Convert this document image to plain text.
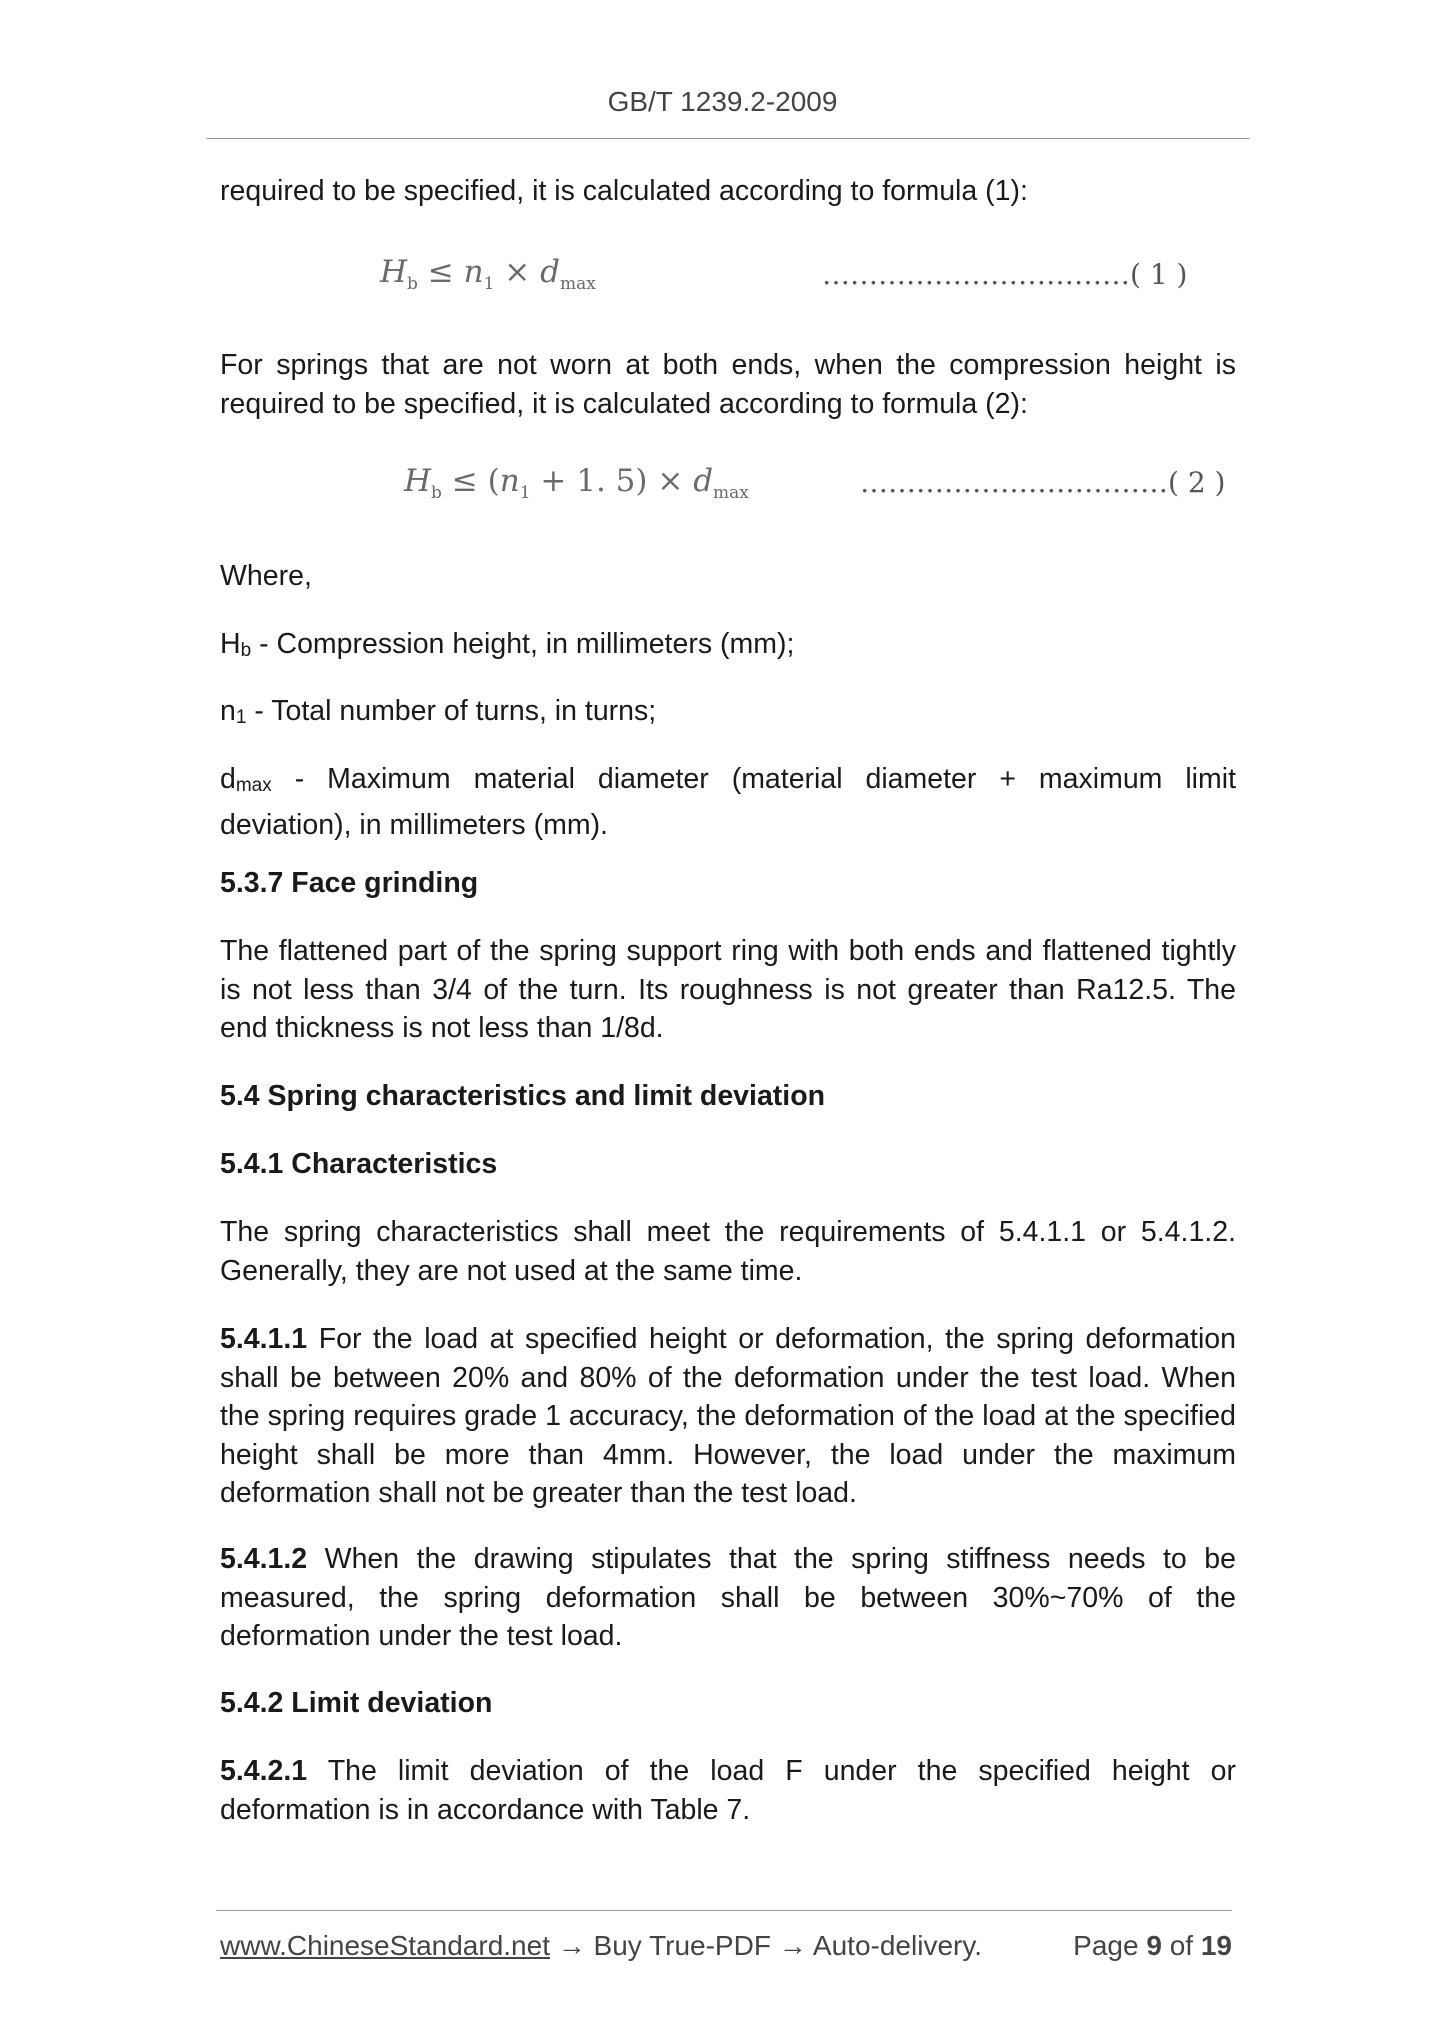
GB/T 1239.2-2009

required to be specified, it is calculated according to formula (1):

$H_b \le n_1 \times d_{max}$	……………………………( 1 )

For springs that are not worn at both ends, when the compression height is required to be specified, it is calculated according to formula (2):

$H_b \le (n_1 + 1$. $5) \times d_{max}$	……………………………( 2 )

Where,

$H_b$ - Compression height, in millimeters (mm);

$n_1$ - Total number of turns, in turns;

$d_{max}$ - Maximum material diameter (material diameter + maximum limit deviation), in millimeters (mm).

5.3.7 Face grinding

The flattened part of the spring support ring with both ends and flattened tightly is not less than 3/4 of the turn. Its roughness is not greater than Ra12.5. The end thickness is not less than 1/8d.

5.4 Spring characteristics and limit deviation

5.4.1 Characteristics

The spring characteristics shall meet the requirements of 5.4.1.1 or 5.4.1.2. Generally, they are not used at the same time.

5.4.1.1 For the load at specified height or deformation, the spring deformation shall be between 20% and 80% of the deformation under the test load. When the spring requires grade 1 accuracy, the deformation of the load at the specified height shall be more than 4mm. However, the load under the maximum deformation shall not be greater than the test load.

5.4.1.2 When the drawing stipulates that the spring stiffness needs to be measured, the spring deformation shall be between 30%~70% of the deformation under the test load.

5.4.2 Limit deviation

5.4.2.1 The limit deviation of the load F under the specified height or deformation is in accordance with Table 7.

www.ChineseStandard.net → Buy True-PDF → Auto-delivery.	Page 9 of 19
